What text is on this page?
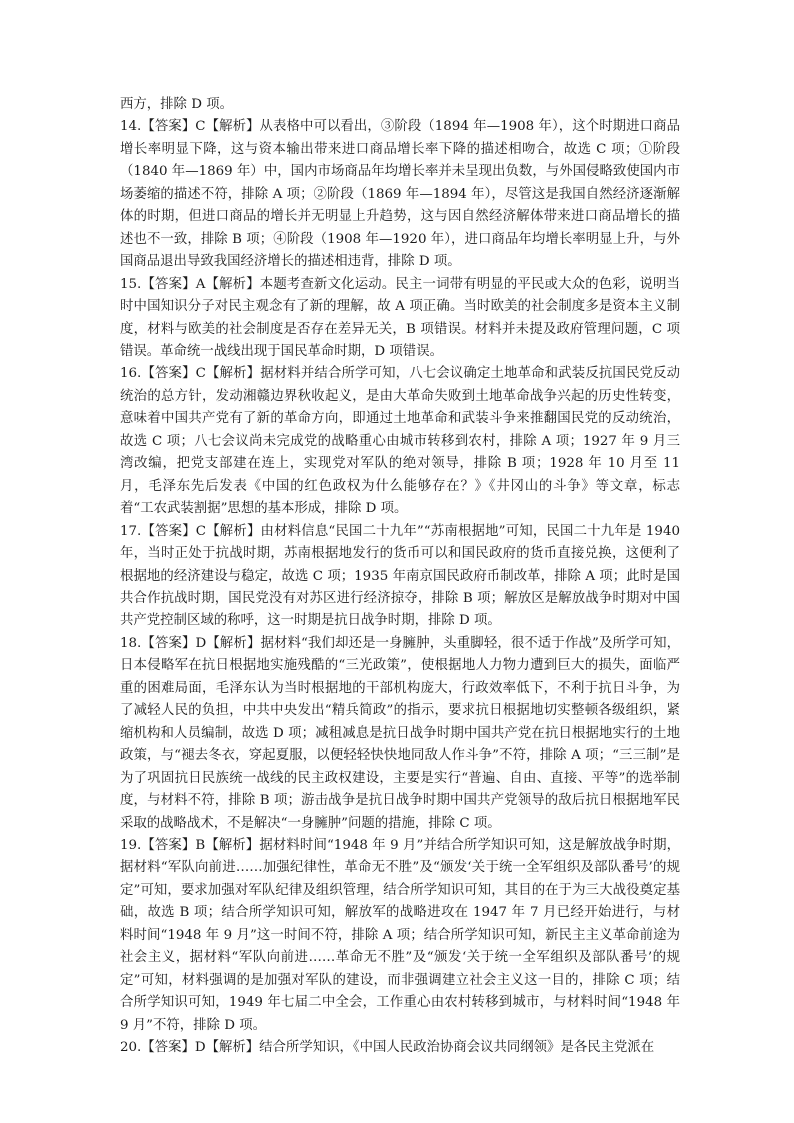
西方，排除 D 项。

14.【答案】C【解析】从表格中可以看出，③阶段（1894 年—1908 年），这个时期进口商品增长率明显下降，这与资本输出带来进口商品增长率下降的描述相吻合，故选 C 项；①阶段（1840 年—1869 年）中，国内市场商品年均增长率并未呈现出负数，与外国侵略致使国内市场萎缩的描述不符，排除 A 项；②阶段（1869 年—1894 年），尽管这是我国自然经济逐渐解体的时期，但进口商品的增长并无明显上升趋势，这与因自然经济解体带来进口商品增长的描述也不一致，排除 B 项；④阶段（1908 年—1920 年），进口商品年均增长率明显上升，与外国商品退出导致我国经济增长的描述相违背，排除 D 项。

15.【答案】A【解析】本题考查新文化运动。民主一词带有明显的平民或大众的色彩，说明当时中国知识分子对民主观念有了新的理解，故 A 项正确。当时欧美的社会制度多是资本主义制度，材料与欧美的社会制度是否存在差异无关，B 项错误。材料并未提及政府管理问题，C 项错误。革命统一战线出现于国民革命时期，D 项错误。

16.【答案】C【解析】据材料并结合所学可知，八七会议确定土地革命和武装反抗国民党反动统治的总方针，发动湘赣边界秋收起义，是由大革命失败到土地革命战争兴起的历史性转变，意味着中国共产党有了新的革命方向，即通过土地革命和武装斗争来推翻国民党的反动统治，故选 C 项；八七会议尚未完成党的战略重心由城市转移到农村，排除 A 项；1927 年 9 月三湾改编，把党支部建在连上，实现党对军队的绝对领导，排除 B 项；1928 年 10 月至 11 月，毛泽东先后发表《中国的红色政权为什么能够存在？》《井冈山的斗争》等文章，标志着“工农武装割据”思想的基本形成，排除 D 项。

17.【答案】C【解析】由材料信息“民国二十九年”“苏南根据地”可知，民国二十九年是 1940 年，当时正处于抗战时期，苏南根据地发行的货币可以和国民政府的货币直接兑换，这便利了根据地的经济建设与稳定，故选 C 项；1935 年南京国民政府币制改革，排除 A 项；此时是国共合作抗战时期，国民党没有对苏区进行经济掠夺，排除 B 项；解放区是解放战争时期对中国共产党控制区域的称呼，这一时期是抗日战争时期，排除 D 项。

18.【答案】D【解析】据材料“我们却还是一身臃肿，头重脚轻，很不适于作战”及所学可知，日本侵略军在抗日根据地实施残酷的“三光政策”，使根据地人力物力遭到巨大的损失，面临严重的困难局面，毛泽东认为当时根据地的干部机构庞大，行政效率低下，不利于抗日斗争，为了减轻人民的负担，中共中央发出“精兵简政”的指示，要求抗日根据地切实整顿各级组织，紧缩机构和人员编制，故选 D 项；减租减息是抗日战争时期中国共产党在抗日根据地实行的土地政策，与“褪去冬衣，穿起夏服，以便轻轻快快地同敌人作斗争”不符，排除 A 项；“三三制”是为了巩固抗日民族统一战线的民主政权建设，主要是实行“普遍、自由、直接、平等”的选举制度，与材料不符，排除 B 项；游击战争是抗日战争时期中国共产党领导的敌后抗日根据地军民采取的战略战术，不是解决“一身臃肿”问题的措施，排除 C 项。

19.【答案】B【解析】据材料时间“1948 年 9 月”并结合所学知识可知，这是解放战争时期，据材料“军队向前进……加强纪律性，革命无不胜”及“颁发‘关于统一全军组织及部队番号’的规定”可知，要求加强对军队纪律及组织管理，结合所学知识可知，其目的在于为三大战役奠定基础，故选 B 项；结合所学知识可知，解放军的战略进攻在 1947 年 7 月已经开始进行，与材料时间“1948 年 9 月”这一时间不符，排除 A 项；结合所学知识可知，新民主主义革命前途为社会主义，据材料“军队向前进……革命无不胜”及“颁发‘关于统一全军组织及部队番号’的规定”可知，材料强调的是加强对军队的建设，而非强调建立社会主义这一目的，排除 C 项；结合所学知识可知，1949 年七届二中全会，工作重心由农村转移到城市，与材料时间“1948 年 9 月”不符，排除 D 项。

20.【答案】D【解析】结合所学知识，《中国人民政治协商会议共同纲领》是各民主党派在
